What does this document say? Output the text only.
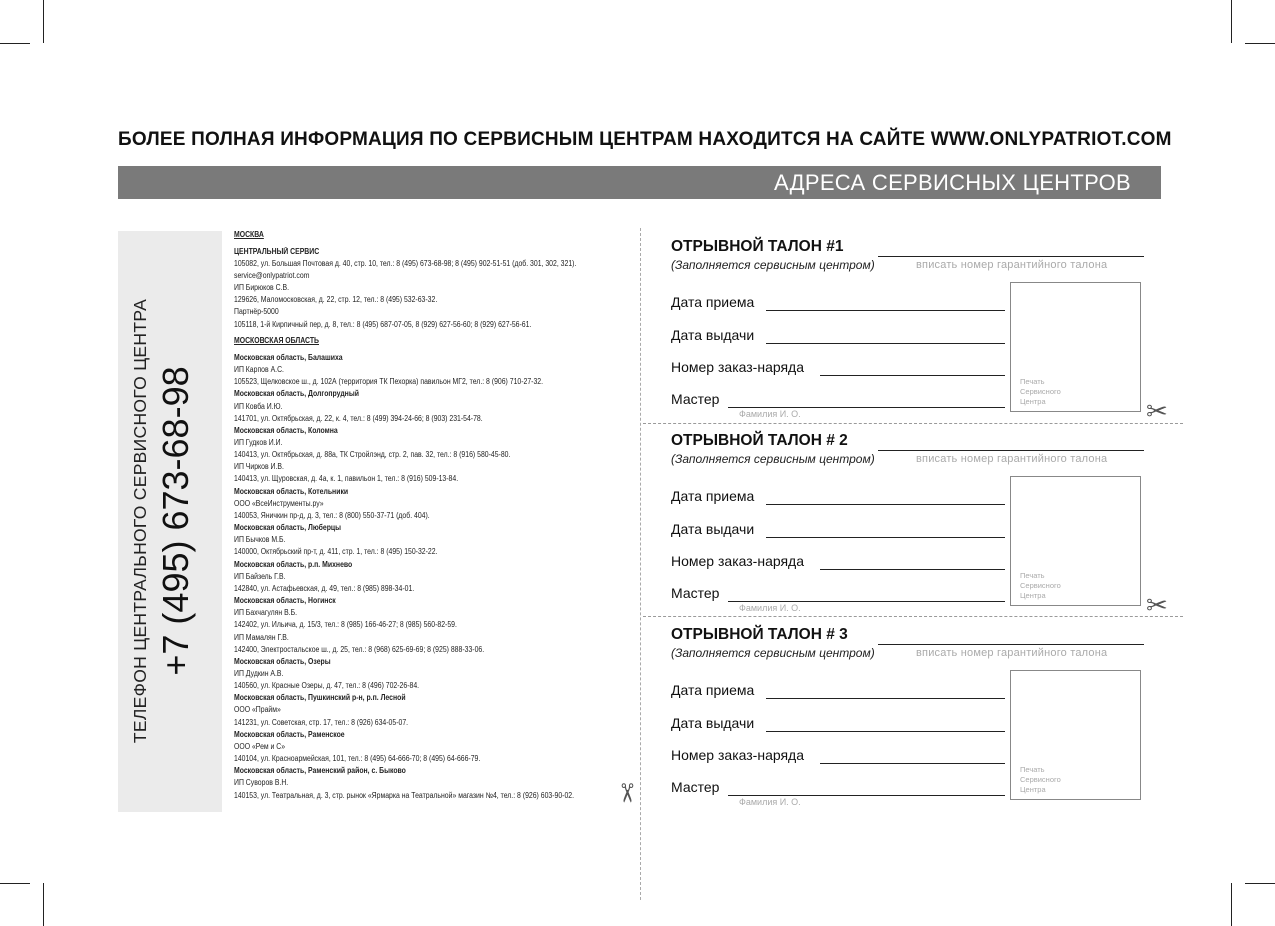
БОЛЕЕ ПОЛНАЯ ИНФОРМАЦИЯ ПО СЕРВИСНЫМ ЦЕНТРАМ НАХОДИТСЯ НА САЙТЕ WWW.ONLYPATRIOT.COM
АДРЕСА СЕРВИСНЫХ ЦЕНТРОВ
ТЕЛЕФОН ЦЕНТРАЛЬНОГО СЕРВИСНОГО ЦЕНТРА +7 (495) 673-68-98
МОСКВА
ЦЕНТРАЛЬНЫЙ СЕРВИС
105082, ул. Большая Почтовая д. 40, стр. 10, тел.: 8 (495) 673-68-98; 8 (495) 902-51-51 (доб. 301, 302, 321).
service@onlypatriot.com
ИП Бирюков С.В.
129626, Маломосковская, д. 22, стр. 12, тел.: 8 (495) 532-63-32.
Партнёр-5000
105118, 1-й Кирпичный пер, д. 8, тел.: 8 (495) 687-07-05, 8 (929) 627-56-60; 8 (929) 627-56-61.
МОСКОВСКАЯ ОБЛАСТЬ
Московская область, Балашиха
ИП Карпов А.С.
105523, Щелковское ш., д. 102А (территория ТК Пехорка) павильон МГ2, тел.: 8 (906) 710-27-32.
Московская область, Долгопрудный
ИП Ковба И.Ю.
141701, ул. Октябрьская, д. 22, к. 4, тел.: 8 (499) 394-24-66; 8 (903) 231-54-78.
Московская область, Коломна
ИП Гудков И.И.
140413, ул. Октябрьская, д. 88а, ТК Стройлэнд, стр. 2, пав. 32, тел.: 8 (916) 580-45-80.
ИП Чирков И.В.
140413, ул. Щуровская, д. 4а, к. 1, павильон 1, тел.: 8 (916) 509-13-84.
Московская область, Котельники
ООО «ВсеИнструменты.ру»
140053, Яничкин пр-д, д. 3, тел.: 8 (800) 550-37-71 (доб. 404).
Московская область, Люберцы
ИП Бычков М.Б.
140000, Октябрьский пр-т, д. 411, стр. 1, тел.: 8 (495) 150-32-22.
Московская область, р.п. Михнево
ИП Байзель Г.В.
142840, ул. Астафьевская, д. 49, тел.: 8 (985) 898-34-01.
Московская область, Ногинск
ИП Бахчагулян В.Б.
142402, ул. Ильича, д. 15/3, тел.: 8 (985) 166-46-27; 8 (985) 560-82-59.
ИП Мамалян Г.В.
142400, Электростальское ш., д. 25, тел.: 8 (968) 625-69-69; 8 (925) 888-33-06.
Московская область, Озеры
ИП Дудкин А.В.
140560, ул. Красные Озеры, д. 47, тел.: 8 (496) 702-26-84.
Московская область, Пушкинский р-н, р.п. Лесной
ООО «Прайм»
141231, ул. Советская, стр. 17, тел.: 8 (926) 634-05-07.
Московская область, Раменское
ООО «Рем и С»
140104, ул. Красноармейская, 101, тел.: 8 (495) 64-666-70; 8 (495) 64-666-79.
Московская область, Раменский район, с. Быково
ИП Суворов В.Н.
140153, ул. Театральная, д. 3, стр. рынок «Ярмарка на Театральной» магазин №4, тел.: 8 (926) 603-90-02.
✂
✂
✂
ОТРЫВНОЙ ТАЛОН #1
(Заполняется сервисным центром)	вписать номер гарантийного талона
Дата приема
Дата выдачи
Номер заказ-наряда
Мастер
Фамилия И. О.
Печать Сервисного Центра
ОТРЫВНОЙ ТАЛОН # 2
(Заполняется сервисным центром)	вписать номер гарантийного талона
Дата приема
Дата выдачи
Номер заказ-наряда
Мастер
Фамилия И. О.
Печать Сервисного Центра
ОТРЫВНОЙ ТАЛОН # 3
(Заполняется сервисным центром)	вписать номер гарантийного талона
Дата приема
Дата выдачи
Номер заказ-наряда
Мастер
Фамилия И. О.
Печать Сервисного Центра
